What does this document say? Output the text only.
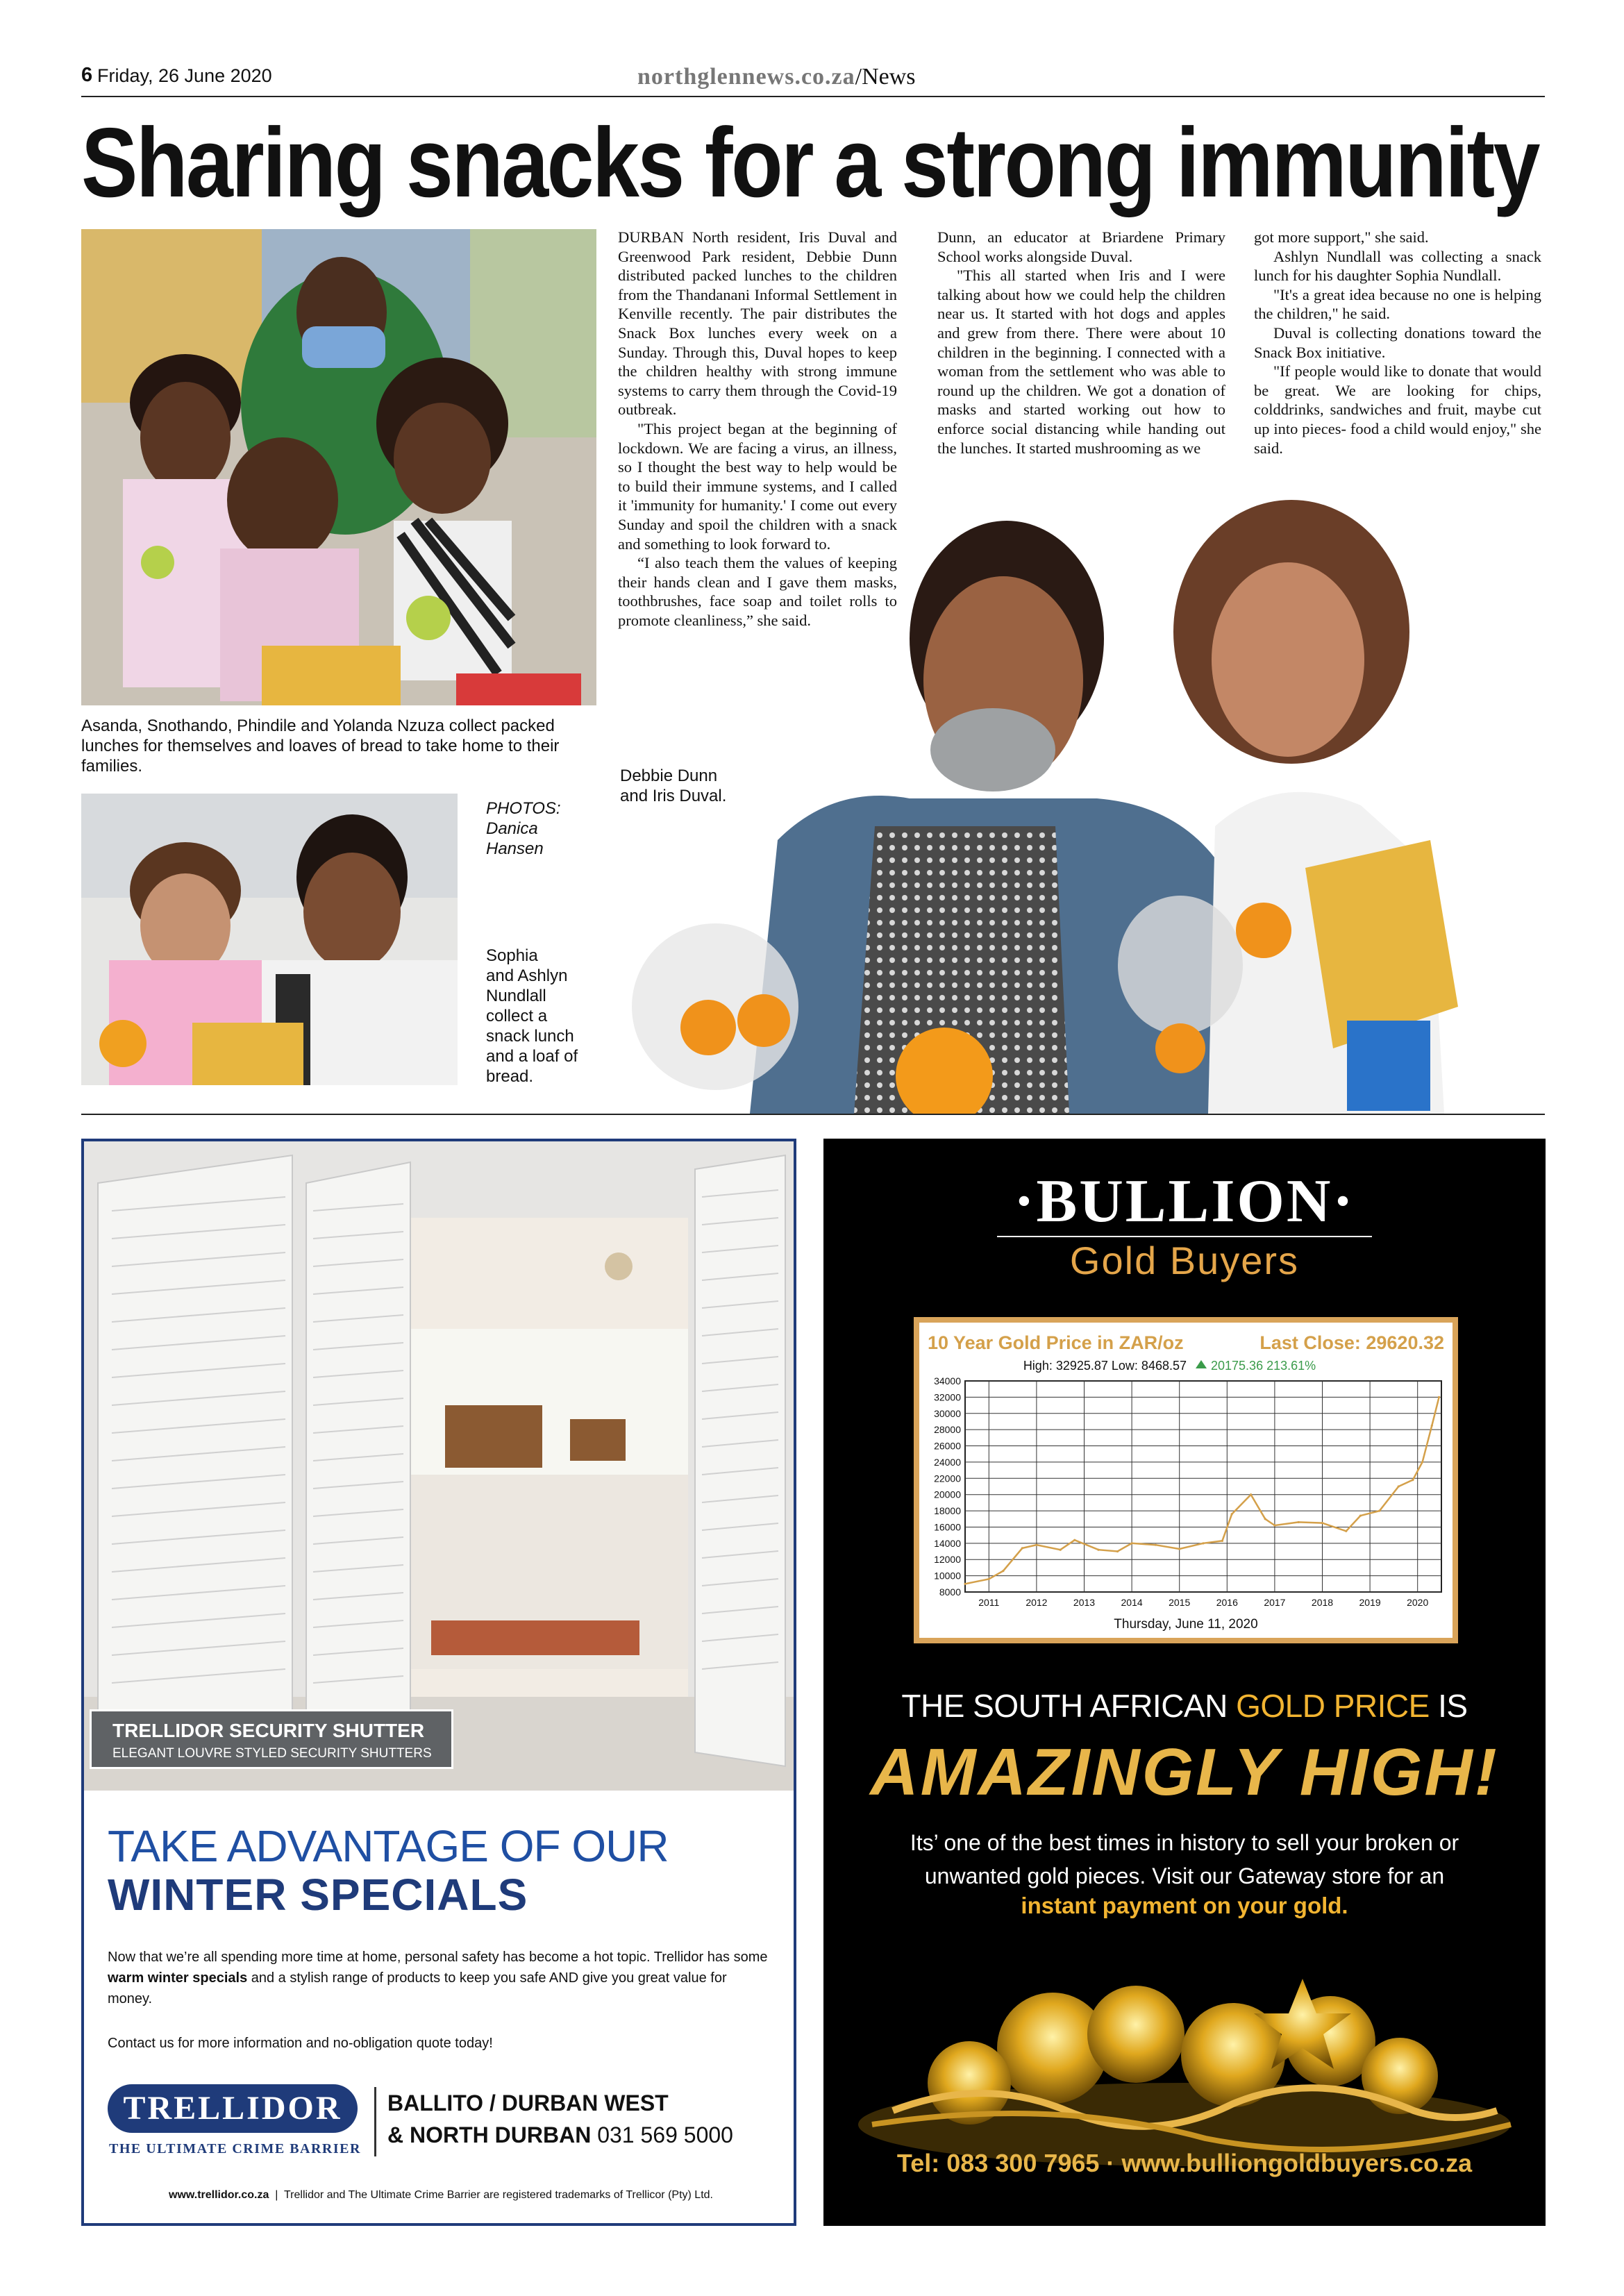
6 Friday, 26 June 2020	northglennews.co.za/News
Sharing snacks for a strong immunity
Asanda, Snothando, Phindile and Yolanda Nzuza collect packed lunches for themselves and loaves of bread to take home to their families.
PHOTOS:
Danica
Hansen
Sophia
and Ashlyn
Nundlall
collect a
snack lunch
and a loaf of
bread.

DURBAN North resident, Iris Duval and Greenwood Park resident, Debbie Dunn distributed packed lunches to the children from the Thandanani Informal Settlement in Kenville recently. The pair distributes the Snack Box lunches every week on a Sunday. Through this, Duval hopes to keep the children healthy with strong immune systems to carry them through the Covid-19 outbreak.

"This project began at the beginning of lockdown. We are facing a virus, an illness, so I thought the best way to help would be to build their immune systems, and I called it 'immunity for humanity.' I come out every Sunday and spoil the children with a snack and something to look forward to.

“I also teach them the values of keeping their hands clean and I gave them masks, toothbrushes, face soap and toilet rolls to promote cleanliness,” she said.

Dunn, an educator at Briardene Primary School works alongside Duval.

"This all started when Iris and I were talking about how we could help the children near us. It started with hot dogs and apples and grew from there. There were about 10 children in the beginning. I connected with a woman from the settlement who was able to round up the children. We got a donation of masks and started working out how to enforce social distancing while handing out the lunches. It started mushrooming as we

got more support," she said.

Ashlyn Nundlall was collecting a snack lunch for his daughter Sophia Nundlall.

"It's a great idea because no one is helping the children," he said.

Duval is collecting donations toward the Snack Box initiative.

"If people would like to donate that would be great. We are looking for chips, colddrinks, sandwiches and fruit, maybe cut up into pieces- food a child would enjoy," she said.

Debbie Dunn
and Iris Duval.
TRELLIDOR SECURITY SHUTTER
ELEGANT LOUVRE STYLED SECURITY SHUTTERS
TAKE ADVANTAGE OF OUR
WINTER SPECIALS
Now that we’re all spending more time at home, personal safety has become a hot topic. Trellidor has some warm winter specials and a stylish range of products to keep you safe AND give you great value for money.
Contact us for more information and no-obligation quote today!
TRELLIDOR
THE ULTIMATE CRIME BARRIER
BALLITO / DURBAN WEST
& NORTH DURBAN 031 569 5000
www.trellidor.co.za  |  Trellidor and The Ultimate Crime Barrier are registered trademarks of Trellicor (Pty) Ltd.
·BULLION·
Gold Buyers
10 Year Gold Price in ZAR/oz	Last Close: 29620.32
High: 32925.87 Low: 8468.57 20175.36 213.61%
8000
10000
12000
14000
16000
18000
20000
22000
24000
26000
28000
30000
32000
34000
2011	2012	2013	2014	2015	2016	2017	2018	2019	2020
Thursday, June 11, 2020
THE SOUTH AFRICAN GOLD PRICE IS
AMAZINGLY HIGH!
Its’ one of the best times in history to sell your broken or unwanted gold pieces. Visit our Gateway store for an
instant payment on your gold.
Tel: 083 300 7965 · www.bulliongoldbuyers.co.za
